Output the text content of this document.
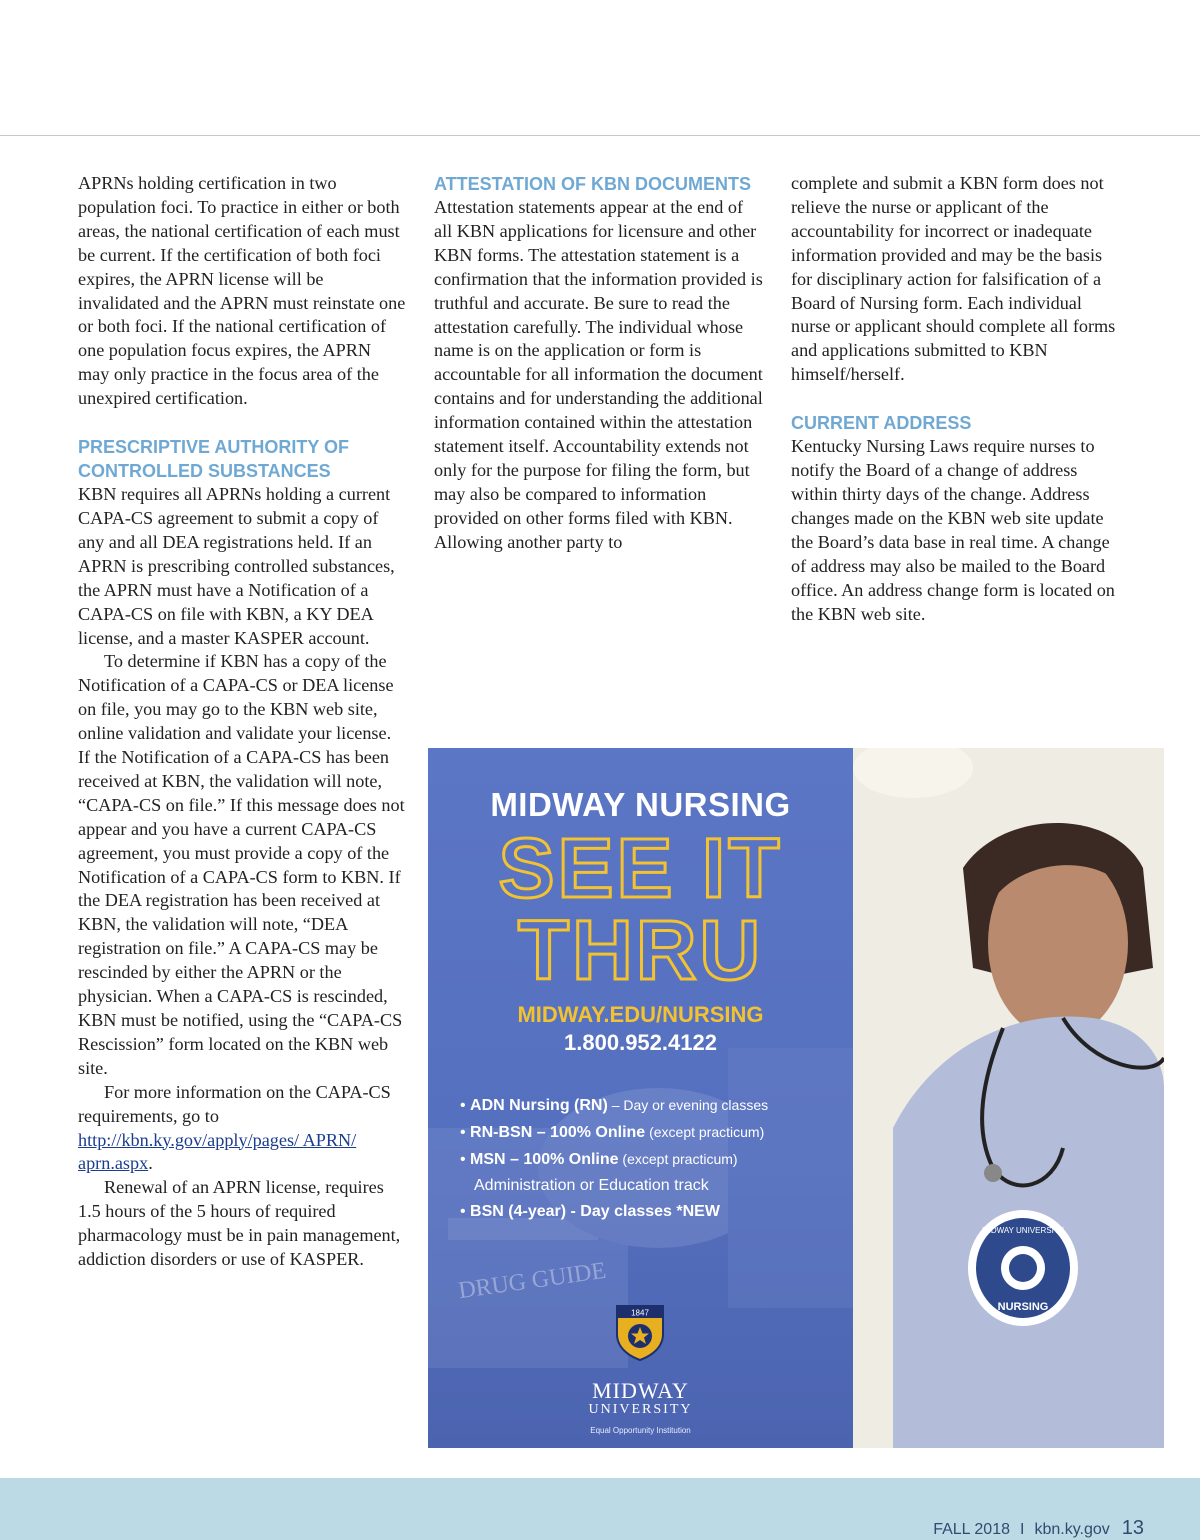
APRNs holding certification in two population foci. To practice in either or both areas, the national certification of each must be current. If the certification of both foci expires, the APRN license will be invalidated and the APRN must reinstate one or both foci. If the national certification of one population focus expires, the APRN may only practice in the focus area of the unexpired certification.

PRESCRIPTIVE AUTHORITY OF CONTROLLED SUBSTANCES

KBN requires all APRNs holding a current CAPA-CS agreement to submit a copy of any and all DEA registrations held. If an APRN is prescribing controlled substances, the APRN must have a Notification of a CAPA-CS on file with KBN, a KY DEA license, and a master KASPER account.

To determine if KBN has a copy of the Notification of a CAPA-CS or DEA license on file, you may go to the KBN web site, online validation and validate your license. If the Notification of a CAPA-CS has been received at KBN, the validation will note, “CAPA-CS on file.” If this message does not appear and you have a current CAPA-CS agreement, you must provide a copy of the Notification of a CAPA-CS form to KBN. If the DEA registration has been received at KBN, the validation will note, “DEA registration on file.” A CAPA-CS may be rescinded by either the APRN or the physician. When a CAPA-CS is rescinded, KBN must be notified, using the “CAPA-CS Rescission” form located on the KBN web site.

For more information on the CAPA-CS requirements, go to http://kbn.ky.gov/apply/pages/ APRN/ aprn.aspx.

Renewal of an APRN license, requires 1.5 hours of the 5 hours of required pharmacology must be in pain management, addiction disorders or use of KASPER.

ATTESTATION OF KBN DOCUMENTS

Attestation statements appear at the end of all KBN applications for licensure and other KBN forms. The attestation statement is a confirmation that the information provided is truthful and accurate. Be sure to read the attestation carefully. The individual whose name is on the application or form is accountable for all information the document contains and for understanding the additional information contained within the attestation statement itself. Accountability extends not only for the purpose for filing the form, but may also be compared to information provided on other forms filed with KBN. Allowing another party to

complete and submit a KBN form does not relieve the nurse or applicant of the accountability for incorrect or inadequate information provided and may be the basis for disciplinary action for falsification of a Board of Nursing form. Each individual nurse or applicant should complete all forms and applications submitted to KBN himself/herself.

CURRENT ADDRESS

Kentucky Nursing Laws require nurses to notify the Board of a change of address within thirty days of the change. Address changes made on the KBN web site update the Board’s data base in real time. A change of address may also be mailed to the Board office. An address change form is located on the KBN web site.

DRUG GUIDE
MIDWAY NURSING
SEE IT
THRU
MIDWAY.EDU/NURSING
1.800.952.4122
• ADN Nursing (RN) – Day or evening classes
• RN-BSN – 100% Online (except practicum)
• MSN – 100% Online (except practicum)
Administration or Education track
• BSN (4-year) - Day classes *NEW
1847
MIDWAY
UNIVERSITY
Equal Opportunity Institution
MIDWAY UNIVERSITY
NURSING
FALL 2018 I kbn.ky.gov 13
